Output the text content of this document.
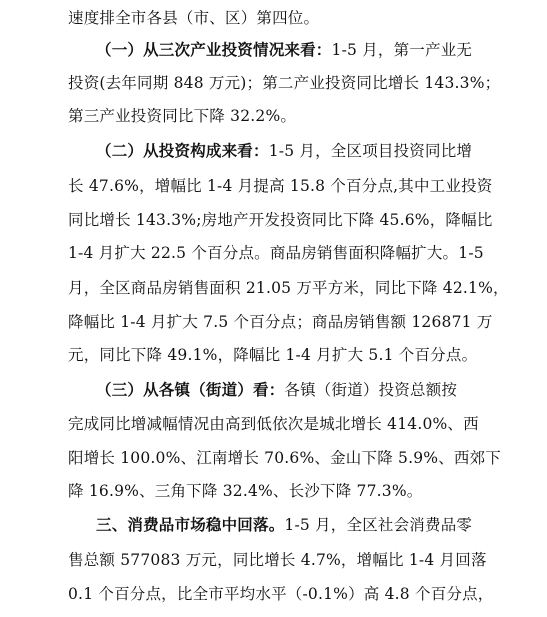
速度排全市各县（市、区）第四位。
（一）从三次产业投资情况来看：1-5 月，第一产业无
投资(去年同期 848 万元)；第二产业投资同比增长 143.3%；
第三产业投资同比下降 32.2%。
（二）从投资构成来看：1-5 月，全区项目投资同比增
长 47.6%，增幅比 1-4 月提高 15.8 个百分点,其中工业投资
同比增长 143.3%;房地产开发投资同比下降 45.6%，降幅比
1-4 月扩大 22.5 个百分点。商品房销售面积降幅扩大。1-5
月，全区商品房销售面积 21.05 万平方米，同比下降 42.1%，
降幅比 1-4 月扩大 7.5 个百分点；商品房销售额 126871 万
元，同比下降 49.1%，降幅比 1-4 月扩大 5.1 个百分点。
（三）从各镇（街道）看：各镇（街道）投资总额按
完成同比增减幅情况由高到低依次是城北增长 414.0%、西
阳增长 100.0%、江南增长 70.6%、金山下降 5.9%、西郊下
降 16.9%、三角下降 32.4%、长沙下降 77.3%。
三、消费品市场稳中回落。1-5 月，全区社会消费品零
售总额 577083 万元，同比增长 4.7%，增幅比 1-4 月回落
0.1 个百分点，比全市平均水平（-0.1%）高 4.8 个百分点，
